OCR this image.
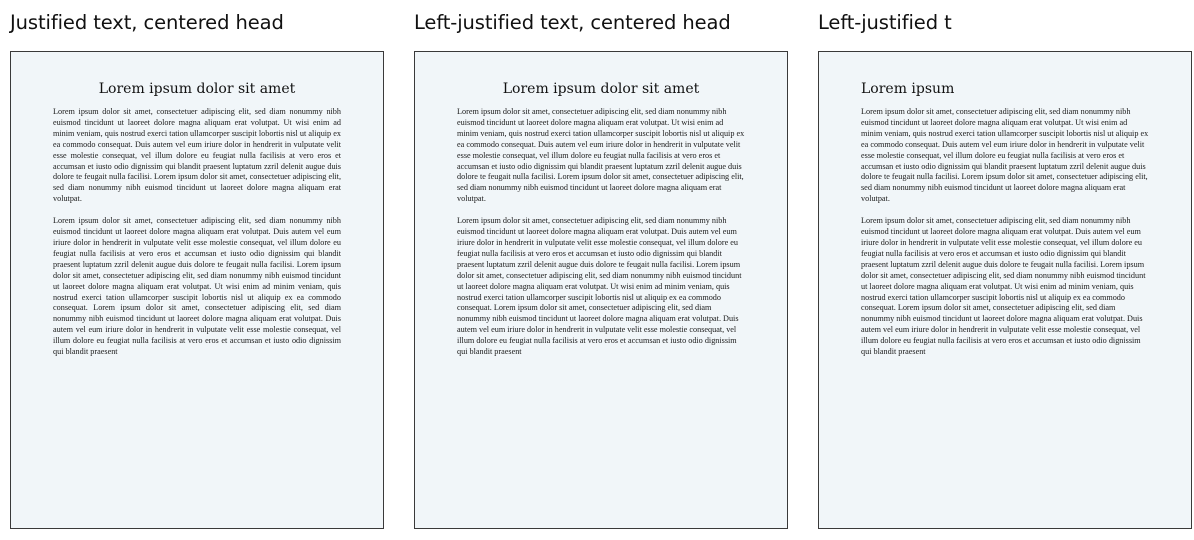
Justified text, centered head
Lorem ipsum dolor sit amet

Lorem ipsum dolor sit amet, consectetuer adipiscing elit, sed diam nonummy nibh euismod tincidunt ut laoreet dolore magna aliquam erat volutpat. Ut wisi enim ad minim veniam, quis nostrud exerci tation ullamcorper suscipit lobortis nisl ut aliquip ex ea commodo consequat. Duis autem vel eum iriure dolor in hendrerit in vulputate velit esse molestie consequat, vel illum dolore eu feugiat nulla facilisis at vero eros et accumsan et iusto odio dignissim qui blandit praesent luptatum zzril delenit augue duis dolore te feugait nulla facilisi. Lorem ipsum dolor sit amet, consectetuer adipiscing elit, sed diam nonummy nibh euismod tincidunt ut laoreet dolore magna aliquam erat volutpat.

Lorem ipsum dolor sit amet, consectetuer adipiscing elit, sed diam nonummy nibh euismod tincidunt ut laoreet dolore magna aliquam erat volutpat. Duis autem vel eum iriure dolor in hendrerit in vulputate velit esse molestie consequat, vel illum dolore eu feugiat nulla facilisis at vero eros et accumsan et iusto odio dignissim qui blandit praesent luptatum zzril delenit augue duis dolore te feugait nulla facilisi. Lorem ipsum dolor sit amet, consectetuer adipiscing elit, sed diam nonummy nibh euismod tincidunt ut laoreet dolore magna aliquam erat volutpat. Ut wisi enim ad minim veniam, quis nostrud exerci tation ullamcorper suscipit lobortis nisl ut aliquip ex ea commodo consequat. Lorem ipsum dolor sit amet, consectetuer adipiscing elit, sed diam nonummy nibh euismod tincidunt ut laoreet dolore magna aliquam erat volutpat. Duis autem vel eum iriure dolor in hendrerit in vulputate velit esse molestie consequat, vel illum dolore eu feugiat nulla facilisis at vero eros et accumsan et iusto odio dignissim qui blandit praesent

Left-justified text, centered head
Lorem ipsum dolor sit amet

Lorem ipsum dolor sit amet, consectetuer adipiscing elit, sed diam nonummy nibh euismod tincidunt ut laoreet dolore magna aliquam erat volutpat. Ut wisi enim ad minim veniam, quis nostrud exerci tation ullamcorper suscipit lobortis nisl ut aliquip ex ea commodo consequat. Duis autem vel eum iriure dolor in hendrerit in vulputate velit esse molestie consequat, vel illum dolore eu feugiat nulla facilisis at vero eros et accumsan et iusto odio dignissim qui blandit praesent luptatum zzril delenit augue duis dolore te feugait nulla facilisi. Lorem ipsum dolor sit amet, consectetuer adipiscing elit, sed diam nonummy nibh euismod tincidunt ut laoreet dolore magna aliquam erat volutpat.

Lorem ipsum dolor sit amet, consectetuer adipiscing elit, sed diam nonummy nibh euismod tincidunt ut laoreet dolore magna aliquam erat volutpat. Duis autem vel eum iriure dolor in hendrerit in vulputate velit esse molestie consequat, vel illum dolore eu feugiat nulla facilisis at vero eros et accumsan et iusto odio dignissim qui blandit praesent luptatum zzril delenit augue duis dolore te feugait nulla facilisi. Lorem ipsum dolor sit amet, consectetuer adipiscing elit, sed diam nonummy nibh euismod tincidunt ut laoreet dolore magna aliquam erat volutpat. Ut wisi enim ad minim veniam, quis nostrud exerci tation ullamcorper suscipit lobortis nisl ut aliquip ex ea commodo consequat. Lorem ipsum dolor sit amet, consectetuer adipiscing elit, sed diam nonummy nibh euismod tincidunt ut laoreet dolore magna aliquam erat volutpat. Duis autem vel eum iriure dolor in hendrerit in vulputate velit esse molestie consequat, vel illum dolore eu feugiat nulla facilisis at vero eros et accumsan et iusto odio dignissim qui blandit praesent

Left-justified t
Lorem ipsum

Lorem ipsum dolor sit amet, consectetuer adipiscing elit, sed diam nonummy nibh euismod tincidunt ut laoreet dolore magna aliquam erat volutpat. Ut wisi enim ad minim veniam, quis nostrud exerci tation ullamcorper suscipit lobortis nisl ut aliquip ex ea commodo consequat. Duis autem vel eum iriure dolor in hendrerit in vulputate velit esse molestie consequat, vel illum dolore eu feugiat nulla facilisis at vero eros et accumsan et iusto odio dignissim qui blandit praesent luptatum zzril delenit augue duis dolore te feugait nulla facilisi. Lorem ipsum dolor sit amet, consectetuer adipiscing elit, sed diam nonummy nibh euismod tincidunt ut laoreet dolore magna aliquam erat volutpat.

Lorem ipsum dolor sit amet, consectetuer adipiscing elit, sed diam nonummy nibh euismod tincidunt ut laoreet dolore magna aliquam erat volutpat. Duis autem vel eum iriure dolor in hendrerit in vulputate velit esse molestie consequat, vel illum dolore eu feugiat nulla facilisis at vero eros et accumsan et iusto odio dignissim qui blandit praesent luptatum zzril delenit augue duis dolore te feugait nulla facilisi. Lorem ipsum dolor sit amet, consectetuer adipiscing elit, sed diam nonummy nibh euismod tincidunt ut laoreet dolore magna aliquam erat volutpat. Ut wisi enim ad minim veniam, quis nostrud exerci tation ullamcorper suscipit lobortis nisl ut aliquip ex ea commodo consequat. Lorem ipsum dolor sit amet, consectetuer adipiscing elit, sed diam nonummy nibh euismod tincidunt ut laoreet dolore magna aliquam erat volutpat. Duis autem vel eum iriure dolor in hendrerit in vulputate velit esse molestie consequat, vel illum dolore eu feugiat nulla facilisis at vero eros et accumsan et iusto odio dignissim qui blandit praesent
